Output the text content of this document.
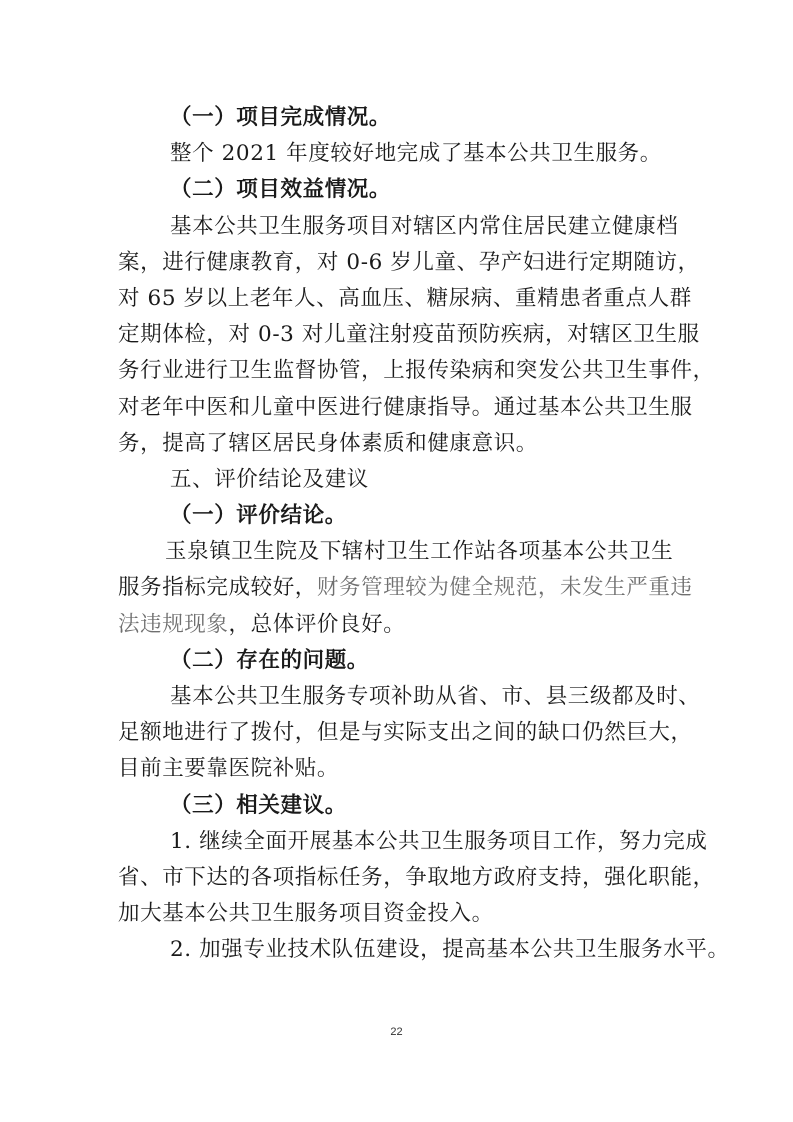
（一）项目完成情况。
整个 2021 年度较好地完成了基本公共卫生服务。
（二）项目效益情况。
基本公共卫生服务项目对辖区内常住居民建立健康档
案，进行健康教育，对 0-6 岁儿童、孕产妇进行定期随访，
对 65 岁以上老年人、高血压、糖尿病、重精患者重点人群
定期体检，对 0-3 对儿童注射疫苗预防疾病，对辖区卫生服
务行业进行卫生监督协管，上报传染病和突发公共卫生事件，
对老年中医和儿童中医进行健康指导。通过基本公共卫生服
务，提高了辖区居民身体素质和健康意识。
五、评价结论及建议
（一）评价结论。
玉泉镇卫生院及下辖村卫生工作站各项基本公共卫生
服务指标完成较好，财务管理较为健全规范，未发生严重违
法违规现象，总体评价良好。
（二）存在的问题。
基本公共卫生服务专项补助从省、市、县三级都及时、
足额地进行了拨付，但是与实际支出之间的缺口仍然巨大，
目前主要靠医院补贴。
（三）相关建议。
1. 继续全面开展基本公共卫生服务项目工作，努力完成
省、市下达的各项指标任务，争取地方政府支持，强化职能，
加大基本公共卫生服务项目资金投入。
2. 加强专业技术队伍建设，提高基本公共卫生服务水平。
22
